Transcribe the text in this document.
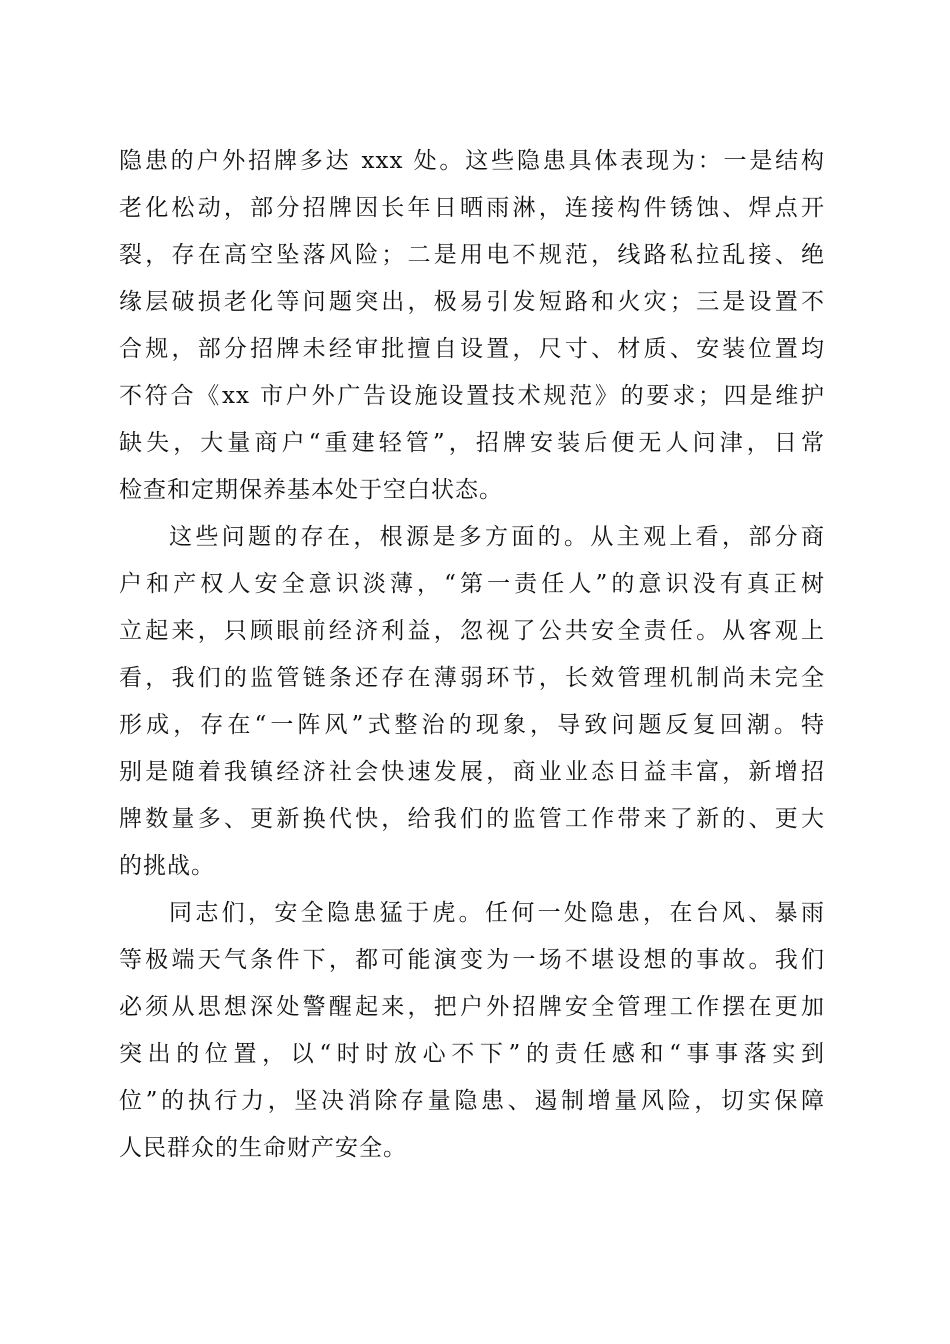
隐患的户外招牌多达 xxx 处。这些隐患具体表现为：一是结构
老化松动，部分招牌因长年日晒雨淋，连接构件锈蚀、焊点开
裂，存在高空坠落风险；二是用电不规范，线路私拉乱接、绝
缘层破损老化等问题突出，极易引发短路和火灾；三是设置不
合规，部分招牌未经审批擅自设置，尺寸、材质、安装位置均
不符合《xx 市户外广告设施设置技术规范》的要求；四是维护
缺失，大量商户“重建轻管”，招牌安装后便无人问津，日常
检查和定期保养基本处于空白状态。
这些问题的存在，根源是多方面的。从主观上看，部分商
户和产权人安全意识淡薄，“第一责任人”的意识没有真正树
立起来，只顾眼前经济利益，忽视了公共安全责任。从客观上
看，我们的监管链条还存在薄弱环节，长效管理机制尚未完全
形成，存在“一阵风”式整治的现象，导致问题反复回潮。特
别是随着我镇经济社会快速发展，商业业态日益丰富，新增招
牌数量多、更新换代快，给我们的监管工作带来了新的、更大
的挑战。
同志们，安全隐患猛于虎。任何一处隐患，在台风、暴雨
等极端天气条件下，都可能演变为一场不堪设想的事故。我们
必须从思想深处警醒起来，把户外招牌安全管理工作摆在更加
突出的位置，以“时时放心不下”的责任感和“事事落实到
位”的执行力，坚决消除存量隐患、遏制增量风险，切实保障
人民群众的生命财产安全。
